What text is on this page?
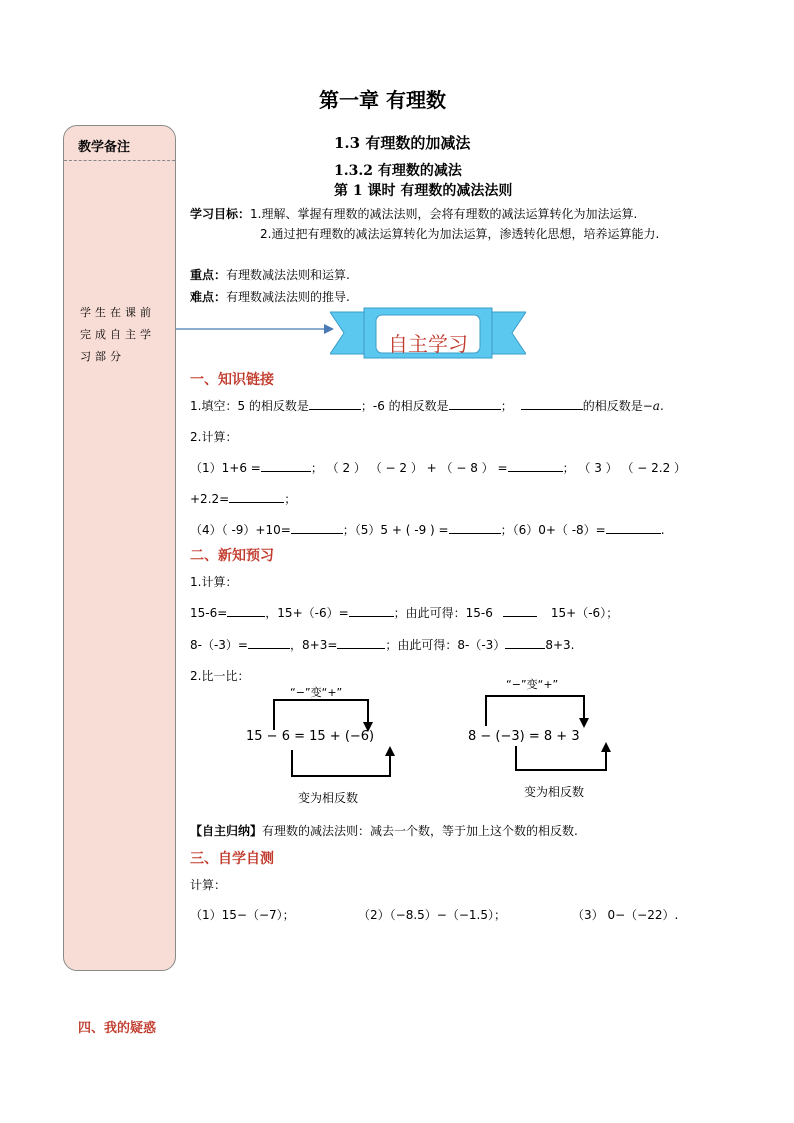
第一章 有理数
教学备注
学生在课前完成自主学习部分
1.3 有理数的加减法
1.3.2 有理数的减法
第 1 课时 有理数的减法法则
学习目标：1.理解、掌握有理数的减法法则，会将有理数的减法运算转化为加法运算.
2.通过把有理数的减法运算转化为加法运算，渗透转化思想，培养运算能力.
重点：有理数减法法则和运算.
难点：有理数减法法则的推导.
自主学习
一、知识链接
1.填空：5 的相反数是	；-6 的相反数是	；	的相反数是−a.
2.计算：
（1）1+6 =	； （ 2 ） （ − 2 ） + （ − 8 ） =	； （ 3 ） （ − 2.2 ）
+2.2=	；
（4）（ -9）+10=	；（5）5 + ( -9 ) =	；（6）0+（ -8）=	.
二、新知预习
1.计算：
15-6=	，15+（-6）=	；由此可得：15-6	15+（-6）；
8-（-3）=	，8+3=	；由此可得：8-（-3）	8+3.
2.比一比：
“−”变“+”
15 − 6 = 15 + (−6)
变为相反数
“−”变“+”
8 − (−3) = 8 + 3
变为相反数
【自主归纳】有理数的减法法则：减去一个数，等于加上这个数的相反数.
三、自学自测
计算：
（1）15−（−7）；	（2）（−8.5）−（−1.5）；	（3） 0−（−22）.
四、我的疑惑
